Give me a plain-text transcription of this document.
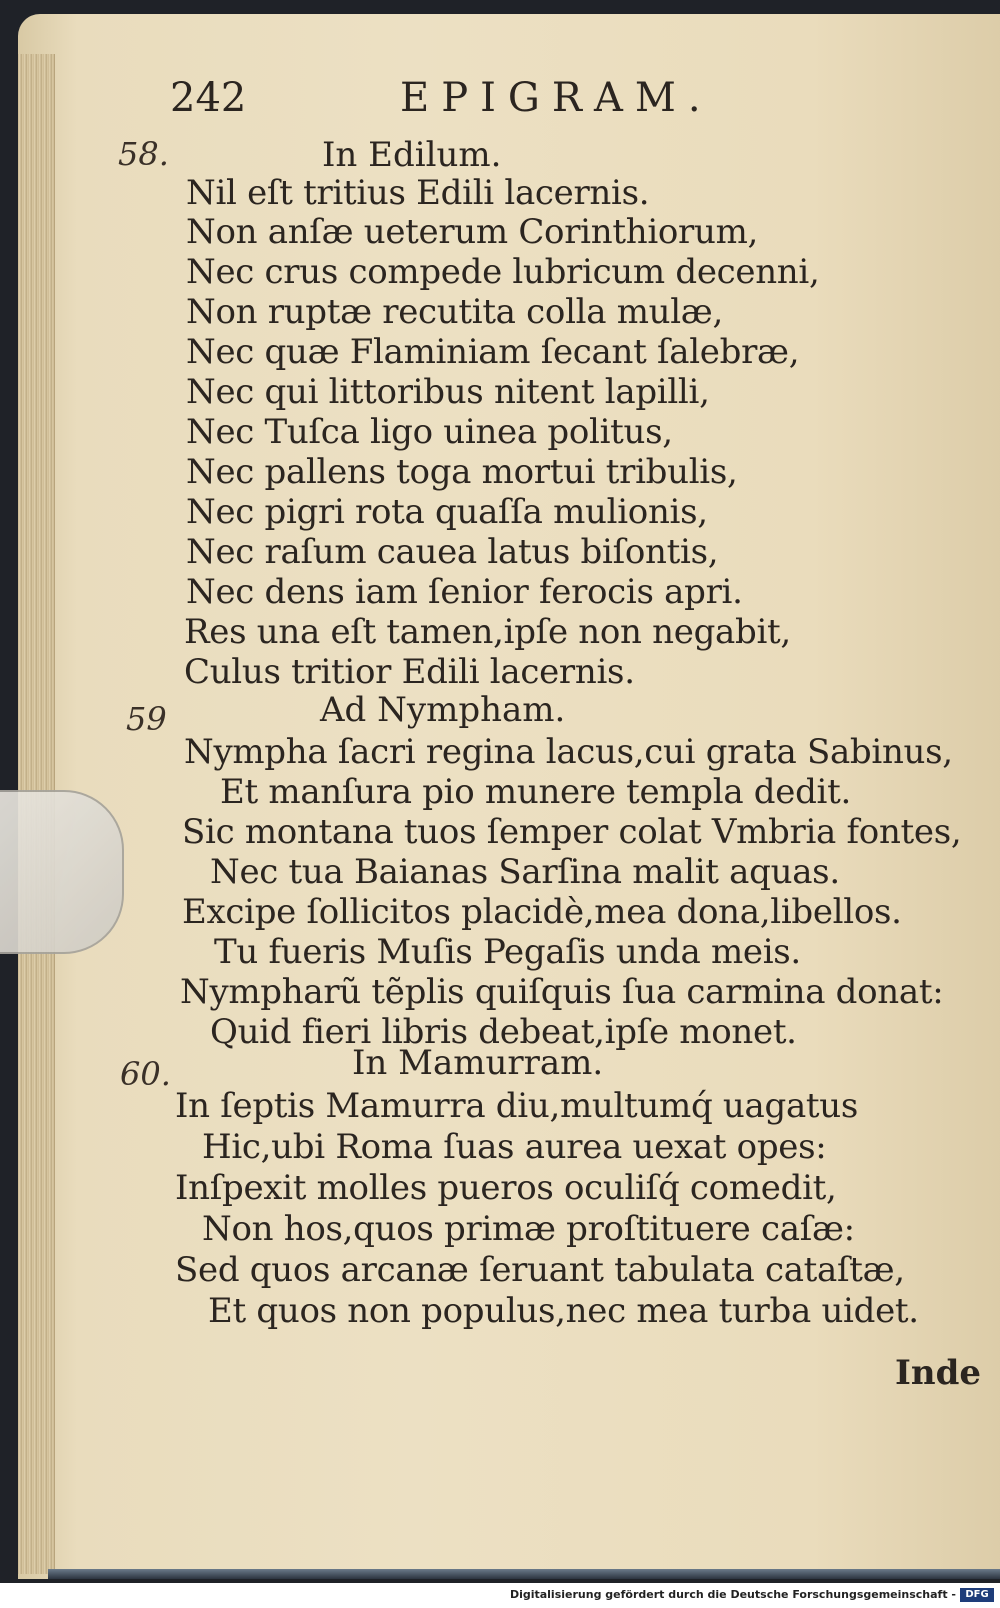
242	EPIGRAM.
58.	In Edilum.
Nil eſt tritius Edili lacernis.
Non anſæ ueterum Corinthiorum,
Nec crus compede lubricum decenni,
Non ruptæ recutita colla mulæ,
Nec quæ Flaminiam ſecant ſalebræ,
Nec qui littoribus nitent lapilli,
Nec Tuſca ligo uinea politus,
Nec pallens toga mortui tribulis,
Nec pigri rota quaſſa mulionis,
Nec raſum cauea latus biſontis,
Nec dens iam ſenior ferocis apri.
Res una eſt tamen,ipſe non negabit,
Culus tritior Edili lacernis.
59	Ad Nympham.
Nympha ſacri regina lacus,cui grata Sabinus,
Et manſura pio munere templa dedit.
Sic montana tuos ſemper colat Vmbria fontes,
Nec tua Baianas Sarſina malit aquas.
Excipe ſollicitos placidè,mea dona,libellos.
Tu fueris Muſis Pegaſis unda meis.
Nympharũ tẽplis quiſquis ſua carmina donat:
Quid fieri libris debeat,ipſe monet.
60.	In Mamurram.
In ſeptis Mamurra diu,multumq́ uagatus
Hic,ubi Roma ſuas aurea uexat opes:
Inſpexit molles pueros oculiſq́ comedit,
Non hos,quos primæ proſtituere caſæ:
Sed quos arcanæ ſeruant tabulata cataſtæ,
Et quos non populus,nec mea turba uidet.
Inde
Digitalisierung gefördert durch die Deutsche Forschungsgemeinschaft - DFG
